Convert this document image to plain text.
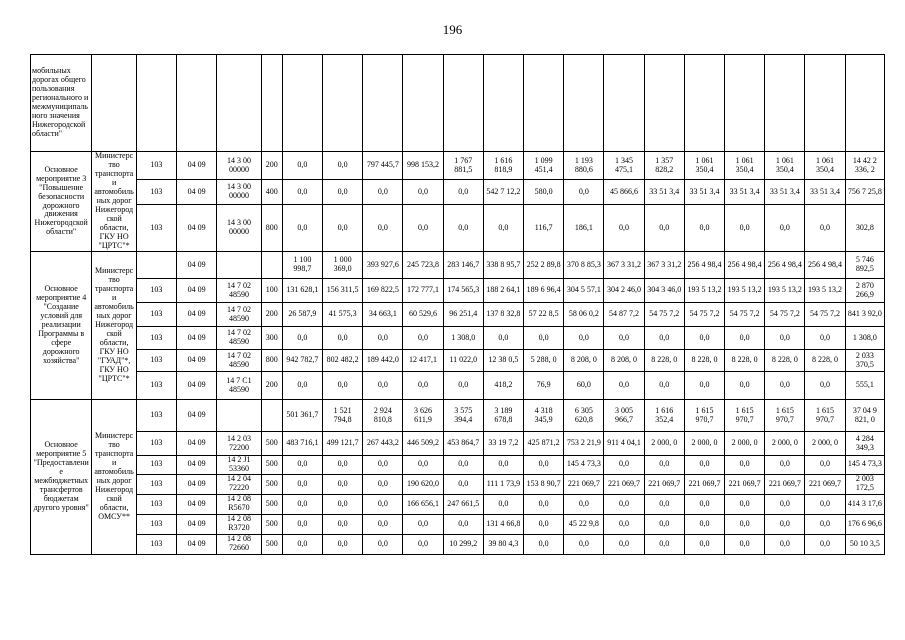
196
мобильных дорогах общего пользования регионального и межмуниципального значения Нижегородской области"																				
Основное мероприятие 3 "Повышение безопасности дорожного движения Нижегородской области"	Министерство транспорта и автомобильных дорог Нижегородской области, ГКУ НО "ЦРТС"*	103	04 09	14 3 00 00000	200	0,0	0,0	797 445,7	998 153,2	1 767 881,5	1 616 818,9	1 099 451,4	1 193 880,6	1 345 475,1	1 357 828,2	1 061 350,4	1 061 350,4	1 061 350,4	1 061 350,4	14 42 2 336, 2
		103	04 09	14 3 00 00000	400	0,0	0,0	0,0	0,0	0,0	542 7 12,2	580,0	0,0	45 866,6	33 51 3,4	33 51 3,4	33 51 3,4	33 51 3,4	33 51 3,4	756 7 25,8
		103	04 09	14 3 00 00000	800	0,0	0,0	0,0	0,0	0,0	0,0	116,7	186,1	0,0	0,0	0,0	0,0	0,0	0,0	302,8
Основное мероприятие 4 "Создание условий для реализации Программы в сфере дорожного хозяйства"	Министерство транспорта и автомобильных дорог Нижегородской области, ГКУ НО "ГУАД"*, ГКУ НО "ЦРТС"*		04 09			1 100 998,7	1 000 369,0	393 927,6	245 723,8	283 146,7	338 8 95,7	252 2 89,8	370 8 85,3	367 3 31,2	367 3 31,2	256 4 98,4	256 4 98,4	256 4 98,4	256 4 98,4	5 746 892,5
		103	04 09	14 7 02 48590	100	131 628,1	156 311,5	169 822,5	172 777,1	174 565,3	188 2 64,1	189 6 96,4	304 5 57,1	304 2 46,0	304 3 46,0	193 5 13,2	193 5 13,2	193 5 13,2	193 5 13,2	2 870 266,9
		103	04 09	14 7 02 48590	200	26 587,9	41 575,3	34 663,1	60 529,6	96 251,4	137 8 32,8	57 22 8,5	58 06 0,2	54 87 7,2	54 75 7,2	54 75 7,2	54 75 7,2	54 75 7,2	54 75 7,2	841 3 92,0
		103	04 09	14 7 02 48590	300	0,0	0,0	0,0	0,0	1 308,0	0,0	0,0	0,0	0,0	0,0	0,0	0,0	0,0	0,0	1 308,0
		103	04 09	14 7 02 48590	800	942 782,7	802 482,2	189 442,0	12 417,1	11 022,0	12 38 0,5	5 288, 0	8 208, 0	8 208, 0	8 228, 0	8 228, 0	8 228, 0	8 228, 0	8 228, 0	2 033 370,5
		103	04 09	14 7 С1 48590	200	0,0	0,0	0,0	0,0	0,0	418,2	76,9	60,0	0,0	0,0	0,0	0,0	0,0	0,0	555,1
Основное мероприятие 5 "Предоставление межбюджетных трансфертов бюджетам другого уровня"	Министерство транспорта и автомобильных дорог Нижегородской области, ОМСУ**	103	04 09			501 361,7	1 521 794,8	2 924 810,8	3 626 611,9	3 575 394,4	3 189 678,8	4 318 345,9	6 305 620,8	3 005 966,7	1 616 352,4	1 615 970,7	1 615 970,7	1 615 970,7	1 615 970,7	37 04 9 821, 0
		103	04 09	14 2 03 72200	500	483 716,1	499 121,7	267 443,2	446 509,2	453 864,7	33 19 7,2	425 871,2	753 2 21,9	911 4 04,1	2 000, 0	2 000, 0	2 000, 0	2 000, 0	2 000, 0	4 284 349,3
		103	04 09	14 2 J1 53360	500	0,0	0,0	0,0	0,0	0,0	0,0	0,0	145 4 73,3	0,0	0,0	0,0	0,0	0,0	0,0	145 4 73,3
		103	04 09	14 2 04 72220	500	0,0	0,0	0,0	190 620,0	0,0	111 1 73,9	153 8 90,7	221 069,7	221 069,7	221 069,7	221 069,7	221 069,7	221 069,7	221 069,7	2 003 172,5
		103	04 09	14 2 08 R5670	500	0,0	0,0	0,0	166 656,1	247 661,5	0,0	0,0	0,0	0,0	0,0	0,0	0,0	0,0	0,0	414 3 17,6
		103	04 09	14 2 08 R3720	500	0,0	0,0	0,0	0,0	0,0	131 4 66,8	0,0	45 22 9,8	0,0	0,0	0,0	0,0	0,0	0,0	176 6 96,6
		103	04 09	14 2 08 72660	500	0,0	0,0	0,0	0,0	10 299,2	39 80 4,3	0,0	0,0	0,0	0,0	0,0	0,0	0,0	0,0	50 10 3,5
